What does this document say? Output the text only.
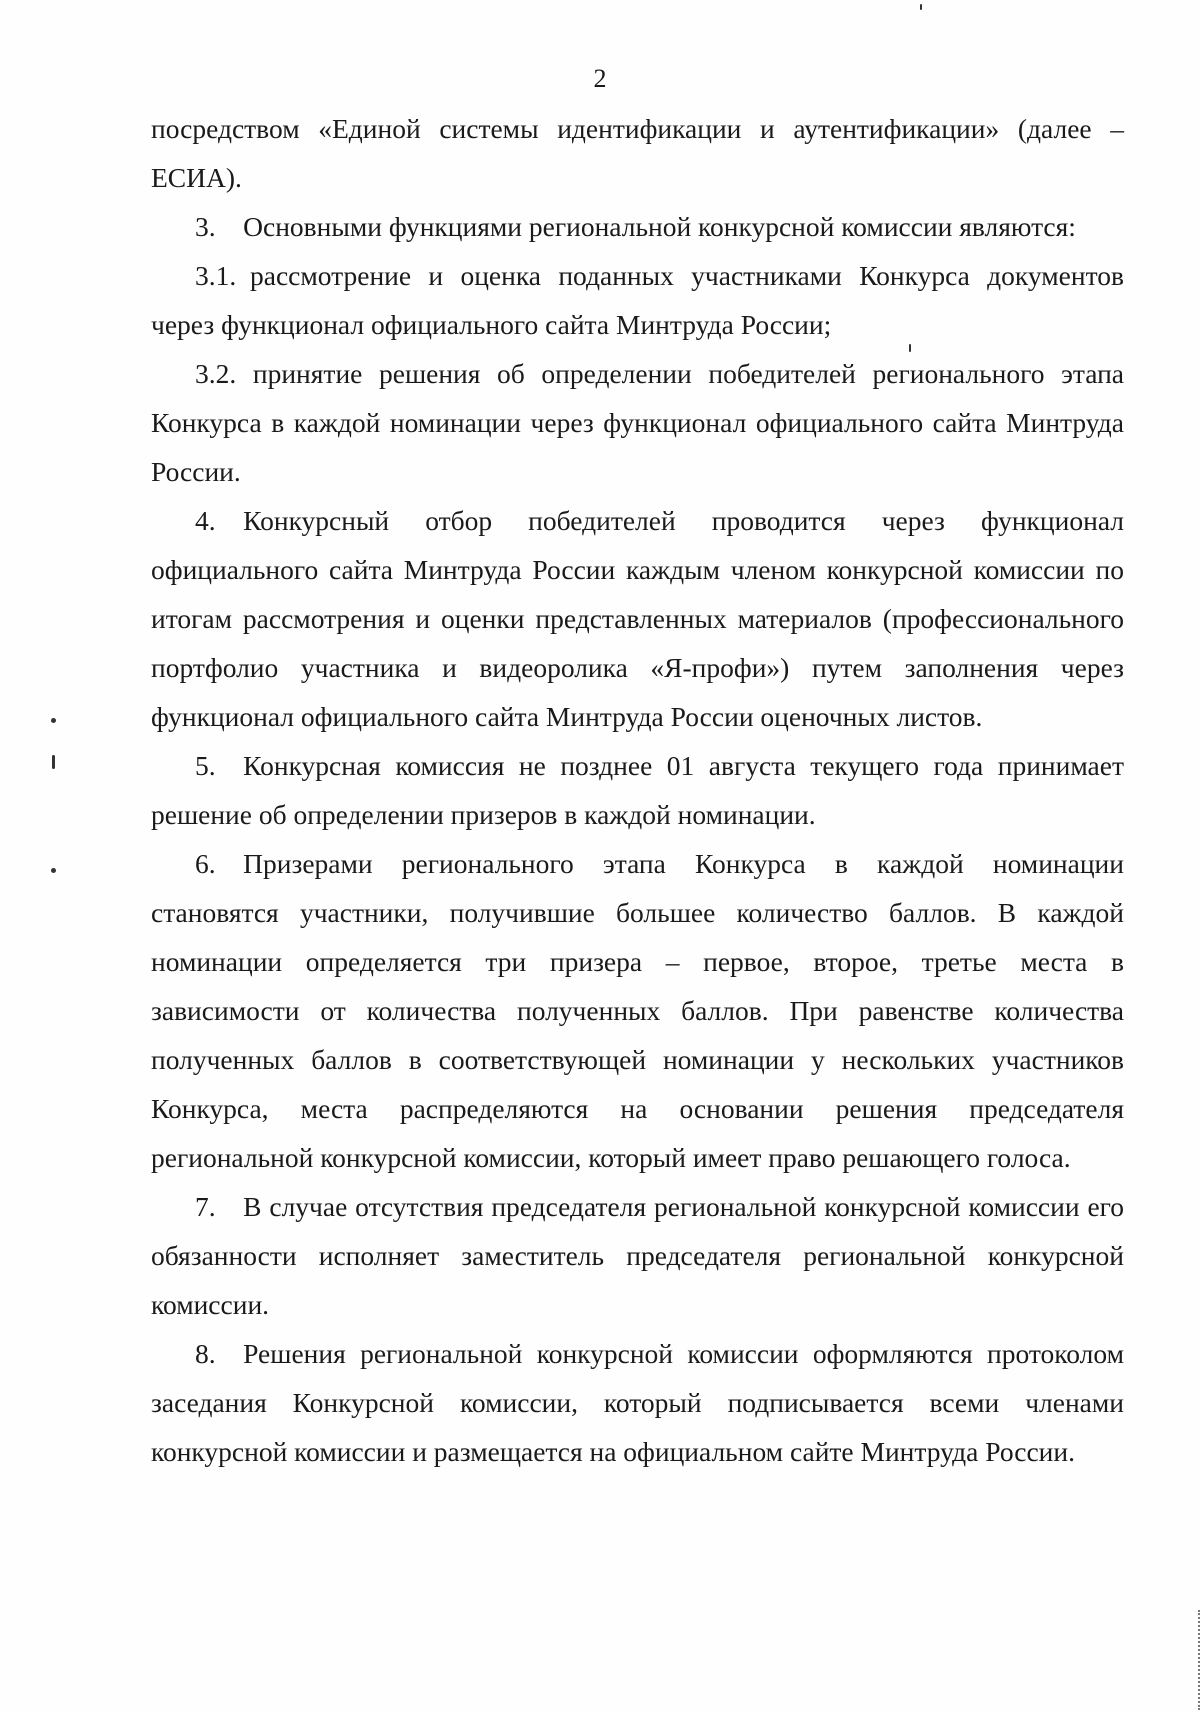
2

посредством «Единой системы идентификации и аутентификации» (далее – ЕСИА).

3. Основными функциями региональной конкурсной комиссии являются:

3.1. рассмотрение и оценка поданных участниками Конкурса документов через функционал официального сайта Минтруда России;

3.2. принятие решения об определении победителей регионального этапа Конкурса в каждой номинации через функционал официального сайта Минтруда России.

4. Конкурсный отбор победителей проводится через функционал официального сайта Минтруда России каждым членом конкурсной комиссии по итогам рассмотрения и оценки представленных материалов (профессионального портфолио участника и видеоролика «Я-профи») путем заполнения через функционал официального сайта Минтруда России оценочных листов.

5. Конкурсная комиссия не позднее 01 августа текущего года принимает решение об определении призеров в каждой номинации.

6. Призерами регионального этапа Конкурса в каждой номинации становятся участники, получившие большее количество баллов. В каждой номинации определяется три призера – первое, второе, третье места в зависимости от количества полученных баллов. При равенстве количества полученных баллов в соответствующей номинации у нескольких участников Конкурса, места распределяются на основании решения председателя региональной конкурсной комиссии, который имеет право решающего голоса.

7. В случае отсутствия председателя региональной конкурсной комиссии его обязанности исполняет заместитель председателя региональной конкурсной комиссии.

8. Решения региональной конкурсной комиссии оформляются протоколом заседания Конкурсной комиссии, который подписывается всеми членами конкурсной комиссии и размещается на официальном сайте Минтруда России.
